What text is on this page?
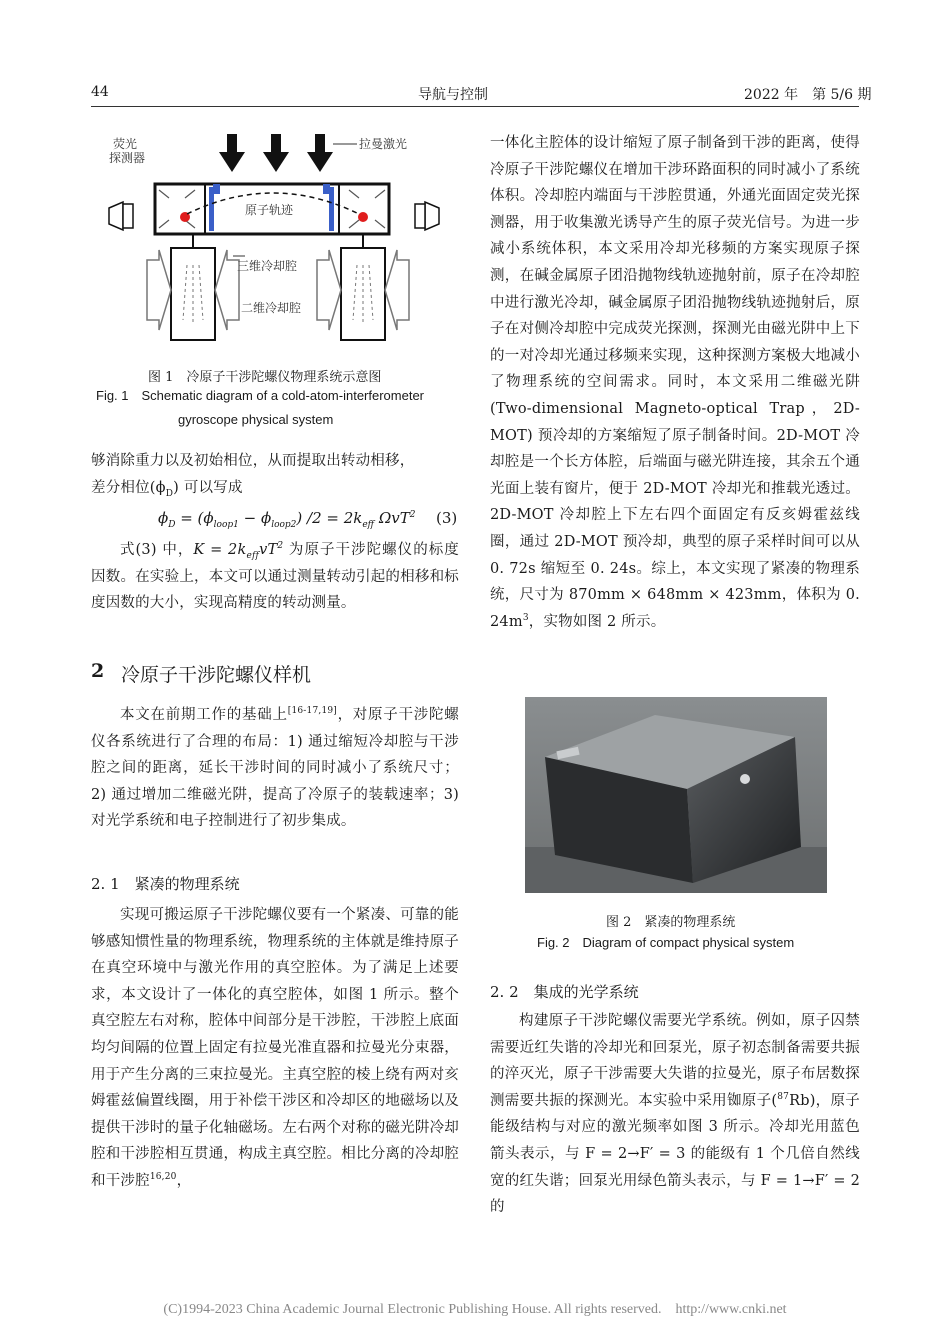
44	导航与控制	2022 年　第 5/6 期
荧光探测器
拉曼激光
原子轨迹
三维冷却腔
二维冷却腔
图 1　冷原子干涉陀螺仪物理系统示意图
Fig. 1　Schematic diagram of a cold-atom-interferometer
gyroscope physical system

够消除重力以及初始相位，从而提取出转动相移，
差分相位$(\phi_D)$ 可以写成

$\phi_D = (\phi_{loop1} - \phi_{loop2}) /2 = 2k_{eff}$ ΩvT$^2$ (3)

式(3) 中，$K = 2k_{eff}vT^2$ 为原子干涉陀螺仪的标度因数。在实验上，本文可以通过测量转动引起的相移和标度因数的大小，实现高精度的转动测量。

2 冷原子干涉陀螺仪样机

本文在前期工作的基础上[16-17,19]，对原子干涉陀螺仪各系统进行了合理的布局：1) 通过缩短冷却腔与干涉腔之间的距离，延长干涉时间的同时减小了系统尺寸；2) 通过增加二维磁光阱，提高了冷原子的装载速率；3) 对光学系统和电子控制进行了初步集成。

2. 1　紧凑的物理系统

实现可搬运原子干涉陀螺仪要有一个紧凑、可靠的能够感知惯性量的物理系统，物理系统的主体就是维持原子在真空环境中与激光作用的真空腔体。为了满足上述要求，本文设计了一体化的真空腔体，如图 1 所示。整个真空腔左右对称，腔体中间部分是干涉腔，干涉腔上底面均匀间隔的位置上固定有拉曼光准直器和拉曼光分束器，用于产生分离的三束拉曼光。主真空腔的棱上绕有两对亥姆霍兹偏置线圈，用于补偿干涉区和冷却区的地磁场以及提供干涉时的量子化轴磁场。左右两个对称的磁光阱冷却腔和干涉腔相互贯通，构成主真空腔。相比分离的冷却腔和干涉腔$^{16,20}$，

一体化主腔体的设计缩短了原子制备到干涉的距离，使得冷原子干涉陀螺仪在增加干涉环路面积的同时减小了系统体积。冷却腔内端面与干涉腔贯通，外通光面固定荧光探测器，用于收集激光诱导产生的原子荧光信号。为进一步减小系统体积，本文采用冷却光移频的方案实现原子探测，在碱金属原子团沿抛物线轨迹抛射前，原子在冷却腔中进行激光冷却，碱金属原子团沿抛物线轨迹抛射后，原子在对侧冷却腔中完成荧光探测，探测光由磁光阱中上下的一对冷却光通过移频来实现，这种探测方案极大地减小了物理系统的空间需求。同时，本文采用二维磁光阱(Two-dimensional Magneto-optical Trap，2D-MOT) 预冷却的方案缩短了原子制备时间。2D-MOT 冷却腔是一个长方体腔，后端面与磁光阱连接，其余五个通光面上装有窗片，便于 2D-MOT 冷却光和推载光透过。2D-MOT 冷却腔上下左右四个面固定有反亥姆霍兹线圈，通过 2D-MOT 预冷却，典型的原子采样时间可以从 0. 72s 缩短至 0. 24s。综上，本文实现了紧凑的物理系统，尺寸为 870mm × 648mm × 423mm，体积为 0. $24m^3$，实物如图 2 所示。

图 2　紧凑的物理系统
Fig. 2　Diagram of compact physical system
2. 2　集成的光学系统

构建原子干涉陀螺仪需要光学系统。例如，原子囚禁需要近红失谐的冷却光和回泵光，原子初态制备需要共振的淬灭光，原子干涉需要大失谐的拉曼光，原子布居数探测需要共振的探测光。本实验中采用铷原子($^{87}$Rb)，原子能级结构与对应的激光频率如图 3 所示。冷却光用蓝色箭头表示，与 F = 2→F′ = 3 的能级有 1 个几倍自然线宽的红失谐；回泵光用绿色箭头表示，与 F = 1→F′ = 2 的

(C)1994-2023 China Academic Journal Electronic Publishing House. All rights reserved.　http://www.cnki.net
